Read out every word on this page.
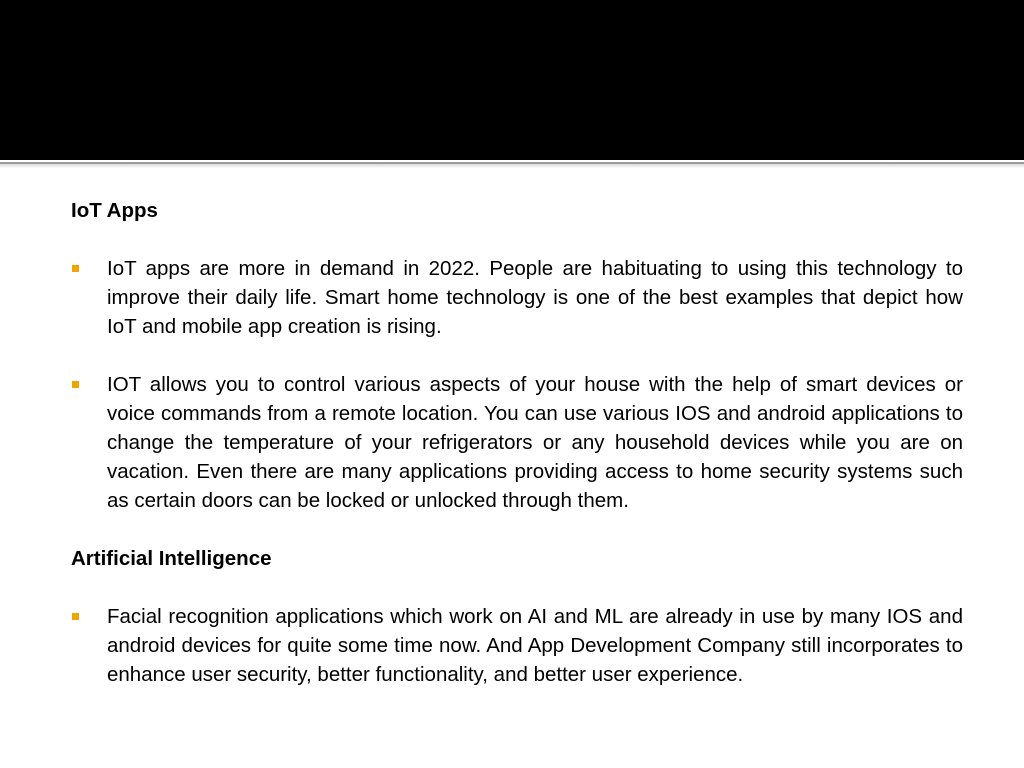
IoT Apps
IoT apps are more in demand in 2022. People are habituating to using this technology to improve their daily life. Smart home technology is one of the best examples that depict how IoT and mobile app creation is rising.
IOT allows you to control various aspects of your house with the help of smart devices or voice commands from a remote location. You can use various IOS and android applications to change the temperature of your refrigerators or any household devices while you are on vacation. Even there are many applications providing access to home security systems such as certain doors can be locked or unlocked through them.
Artificial Intelligence
Facial recognition applications which work on AI and ML are already in use by many IOS and android devices for quite some time now. And App Development Company still incorporates to enhance user security, better functionality, and better user experience.
